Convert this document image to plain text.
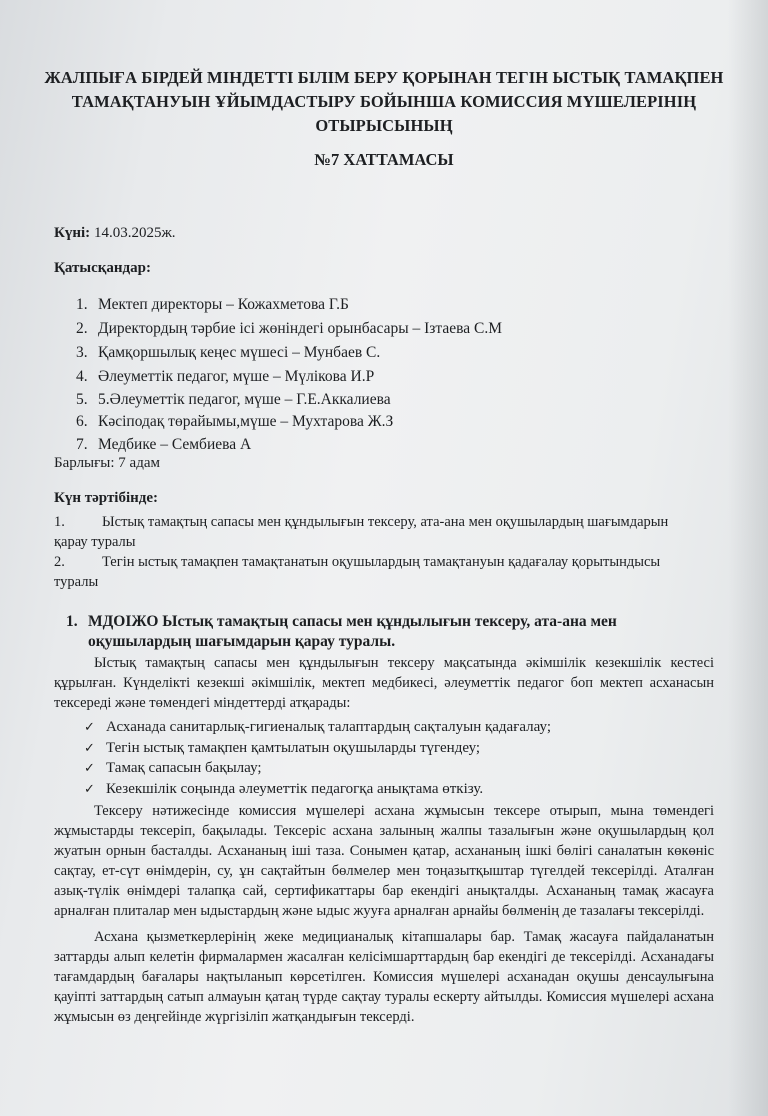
ЖАЛПЫҒА БІРДЕЙ МІНДЕТТІ БІЛІМ БЕРУ ҚОРЫНАН ТЕГІН ЫСТЫҚ ТАМАҚПЕН ТАМАҚТАНУЫН ҰЙЫМДАСТЫРУ БОЙЫНША КОМИССИЯ МҮШЕЛЕРІНІҢ ОТЫРЫСЫНЫҢ
№7 ХАТТАМАСЫ
Күні: 14.03.2025ж.
Қатысқандар:
1. Мектеп директоры – Кожахметова Г.Б
2. Директордың тәрбие ісі жөніндегі орынбасары – Ізтаева С.М
3. Қамқоршылық кеңес мүшесі – Мунбаев С.
4. Әлеуметтік педагог, мүше – Мүлікова И.Р
5. 5.Әлеуметтік педагог, мүше – Г.Е.Аккалиева
6. Кәсіподақ төрайымы,мүше – Мухтарова Ж.З
7. Медбике – Сембиева А
Барлығы: 7 адам
Күн тәртібінде:
1.	Ыстық тамақтың сапасы мен құндылығын тексеру, ата-ана мен оқушылардың шағымдарын қарау туралы
2.	Тегін ыстық тамақпен тамақтанатын оқушылардың тамақтануын қадағалау қорытындысы туралы
1. МДОІЖО Ыстық тамақтың сапасы мен құндылығын тексеру, ата-ана мен оқушылардың шағымдарын қарау туралы.
Ыстық тамақтың сапасы мен құндылығын тексеру мақсатында әкімшілік кезекшілік кестесі құрылған. Күнделікті кезекші әкімшілік, мектеп медбикесі, әлеуметтік педагог боп мектеп асханасын тексереді және төмендегі міндеттерді атқарады:
✓ Асханада санитарлық-гигиеналық талаптардың сақталуын қадағалау;
✓ Тегін ыстық тамақпен қамтылатын оқушыларды түгендеу;
✓ Тамақ сапасын бақылау;
✓ Кезекшілік соңында әлеуметтік педагогқа анықтама өткізу.
Тексеру нәтижесінде комиссия мүшелері асхана жұмысын тексере отырып, мына төмендегі жұмыстарды тексеріп, бақылады. Тексеріс асхана залының жалпы тазалығын және оқушылардың қол жуатын орнын басталды. Асхананың іші таза. Сонымен қатар, асхананың ішкі бөлігі саналатын көкөніс сақтау, ет-сүт өнімдерін, су, ұн сақтайтын бөлмелер мен тоңазытқыштар түгелдей тексерілді. Аталған азық-түлік өнімдері талапқа сай, сертификаттары бар екендігі анықталды. Асхананың тамақ жасауға арналған плиталар мен ыдыстардың және ыдыс жууға арналған арнайы бөлменің де тазалағы тексерілді.
Асхана қызметкерлерінің жеке медицианалық кітапшалары бар. Тамақ жасауға пайдаланатын заттарды алып келетін фирмалармен жасалған келісімшарттардың бар екендігі де тексерілді. Асханадағы тағамдардың бағалары нақтыланып көрсетілген. Комиссия мүшелері асханадан оқушы денсаулығына қауіпті заттардың сатып алмауын қатаң түрде сақтау туралы ескерту айтылды. Комиссия мүшелері асхана жұмысын өз деңгейінде жүргізіліп жатқандығын тексерді.
